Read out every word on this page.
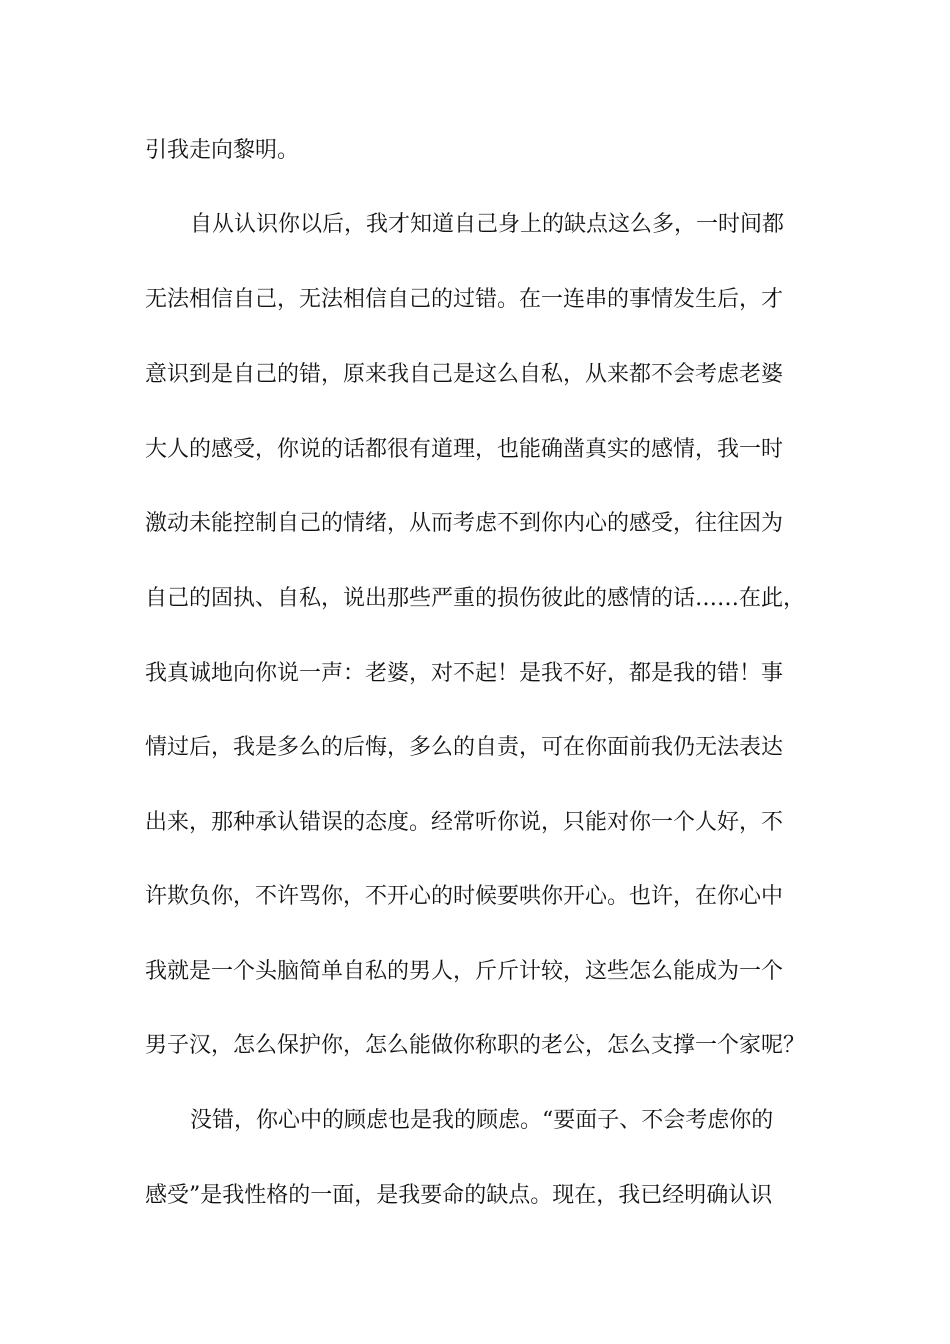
引我走向黎明。
自从认识你以后，我才知道自己身上的缺点这么多，一时间都
无法相信自己，无法相信自己的过错。在一连串的事情发生后，才
意识到是自己的错，原来我自己是这么自私，从来都不会考虑老婆
大人的感受，你说的话都很有道理，也能确凿真实的感情，我一时
激动未能控制自己的情绪，从而考虑不到你内心的感受，往往因为
自己的固执、自私，说出那些严重的损伤彼此的感情的话……在此，
我真诚地向你说一声：老婆，对不起！是我不好，都是我的错！事
情过后，我是多么的后悔，多么的自责，可在你面前我仍无法表达
出来，那种承认错误的态度。经常听你说，只能对你一个人好，不
许欺负你，不许骂你，不开心的时候要哄你开心。也许，在你心中
我就是一个头脑简单自私的男人，斤斤计较，这些怎么能成为一个
男子汉，怎么保护你，怎么能做你称职的老公，怎么支撑一个家呢？
没错，你心中的顾虑也是我的顾虑。“要面子、不会考虑你的
感受”是我性格的一面，是我要命的缺点。现在，我已经明确认识
